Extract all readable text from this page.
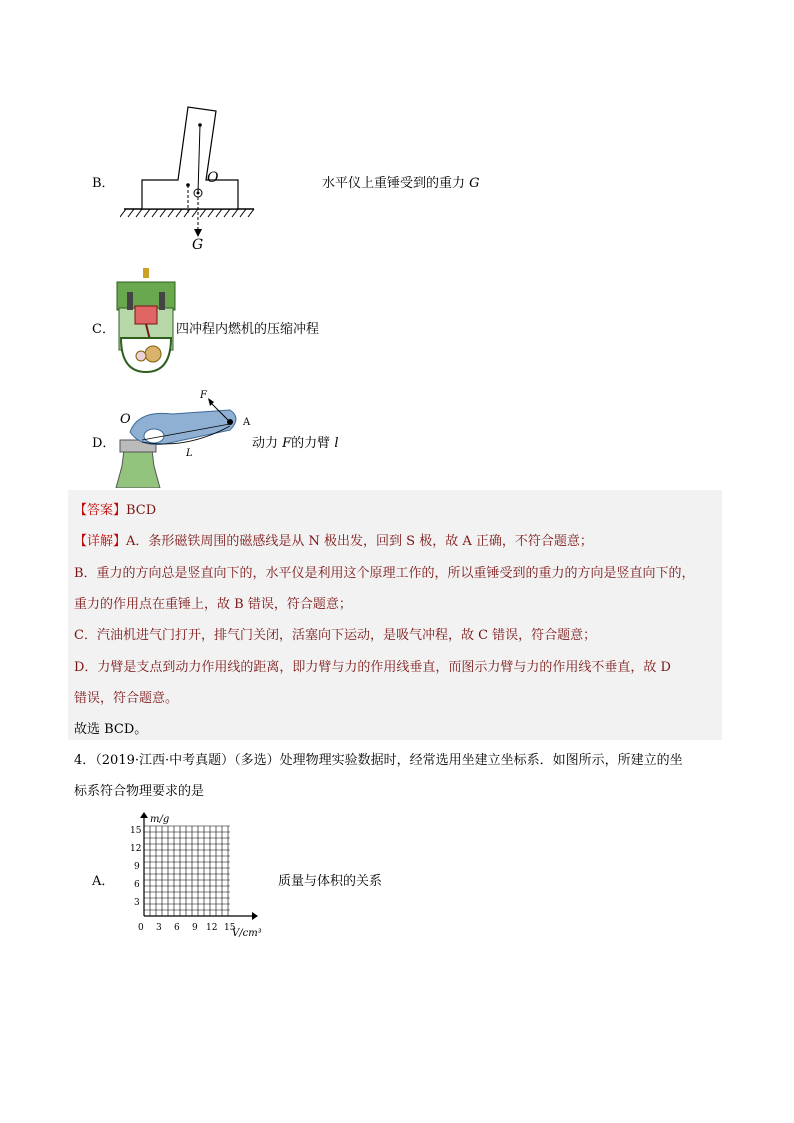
B．	O
G
水平仪上重锤受到的重力 G
C．	四冲程内燃机的压缩冲程
D．
O
F
A
L
动力 F的力臂 l
【答案】BCD
【详解】A．条形磁铁周围的磁感线是从 N 极出发，回到 S 极，故 A 正确，不符合题意；
B．重力的方向总是竖直向下的，水平仪是利用这个原理工作的，所以重锤受到的重力的方向是竖直向下的，
重力的作用点在重锤上，故 B 错误，符合题意；
C．汽油机进气门打开，排气门关闭，活塞向下运动，是吸气冲程，故 C 错误，符合题意；
D．力臂是支点到动力作用线的距离，即力臂与力的作用线垂直，而图示力臂与力的作用线不垂直，故 D
错误，符合题意。
故选 BCD。
4．（2019·江西·中考真题）（多选）处理物理实验数据时，经常选用坐建立坐标系．如图所示，所建立的坐
标系符合物理要求的是
A．
m/g
V/cm³
15
12
9
6
3
0 3 6 9 12 15
质量与体积的关系
